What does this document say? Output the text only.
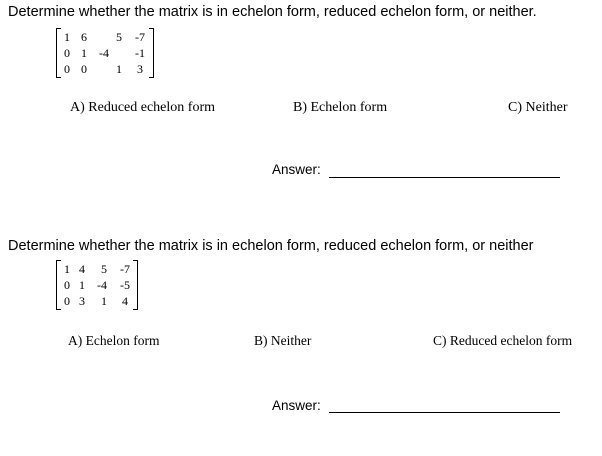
Determine whether the matrix is in echelon form, reduced echelon form, or neither.
1 6	5	-7
0 1	-4 -1
0 0	1	3
A) Reduced echelon form	B) Echelon form	C) Neither
Answer:
Determine whether the matrix is in echelon form, reduced echelon form, or neither
1 4	5	-7
0 1	-4 -5
0 3	1	4
A) Echelon form	B) Neither	C) Reduced echelon form
Answer:
